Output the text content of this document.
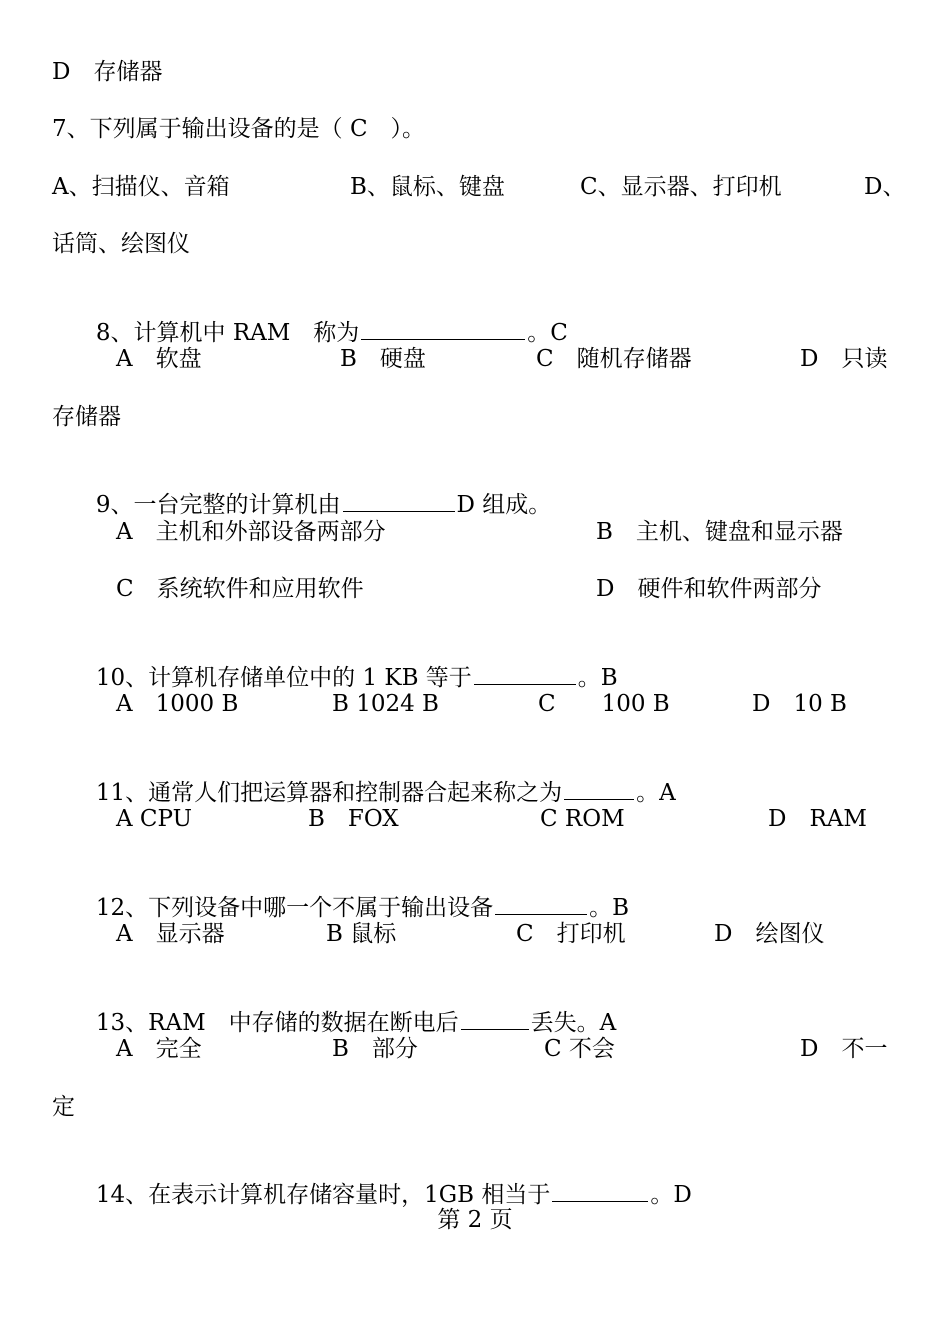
D　存储器
7、下列属于输出设备的是（ C　）。
A、扫描仪、音箱	B、鼠标、键盘	C、显示器、打印机	D、
话筒、绘图仪

8、计算机中 RAM　称为	。C

A　软盘	B　硬盘	C　随机存储器	D　只读
存储器

9、一台完整的计算机由	D 组成。

A　主机和外部设备两部分	B　主机、键盘和显示器
C　系统软件和应用软件	D　硬件和软件两部分

10、计算机存储单位中的 1 KB 等于	。B

A　1000 B	B 1024 B	C　　100 B	D　10 B

11、通常人们把运算器和控制器合起来称之为	。A

A CPU	B　FOX	C ROM	D　RAM

12、下列设备中哪一个不属于输出设备	。B

A　显示器	B 鼠标	C　打印机	D　绘图仪

13、RAM　中存储的数据在断电后	丢失。A

A　完全	B　部分	C 不会	D　不一
定

14、在表示计算机存储容量时，1GB 相当于	。D

第 2 页
